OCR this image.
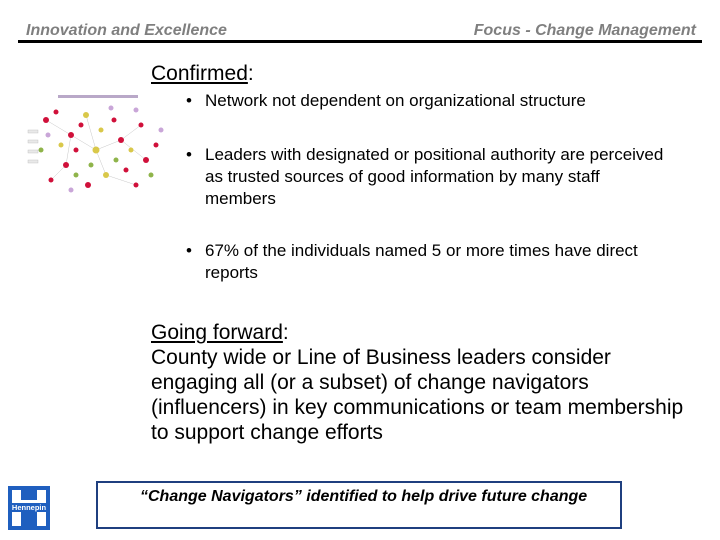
Innovation and Excellence	Focus - Change Management
Confirmed:
• Network not dependent on organizational structure
• Leaders with designated or positional authority are perceived as trusted sources of good information by many staff members
• 67% of the individuals named 5 or more times have direct reports
Going forward:
County wide or Line of Business leaders consider engaging all (or a subset) of change navigators (influencers) in key communications or team membership to support change efforts
Hennepin
“Change Navigators” identified to help drive future change
